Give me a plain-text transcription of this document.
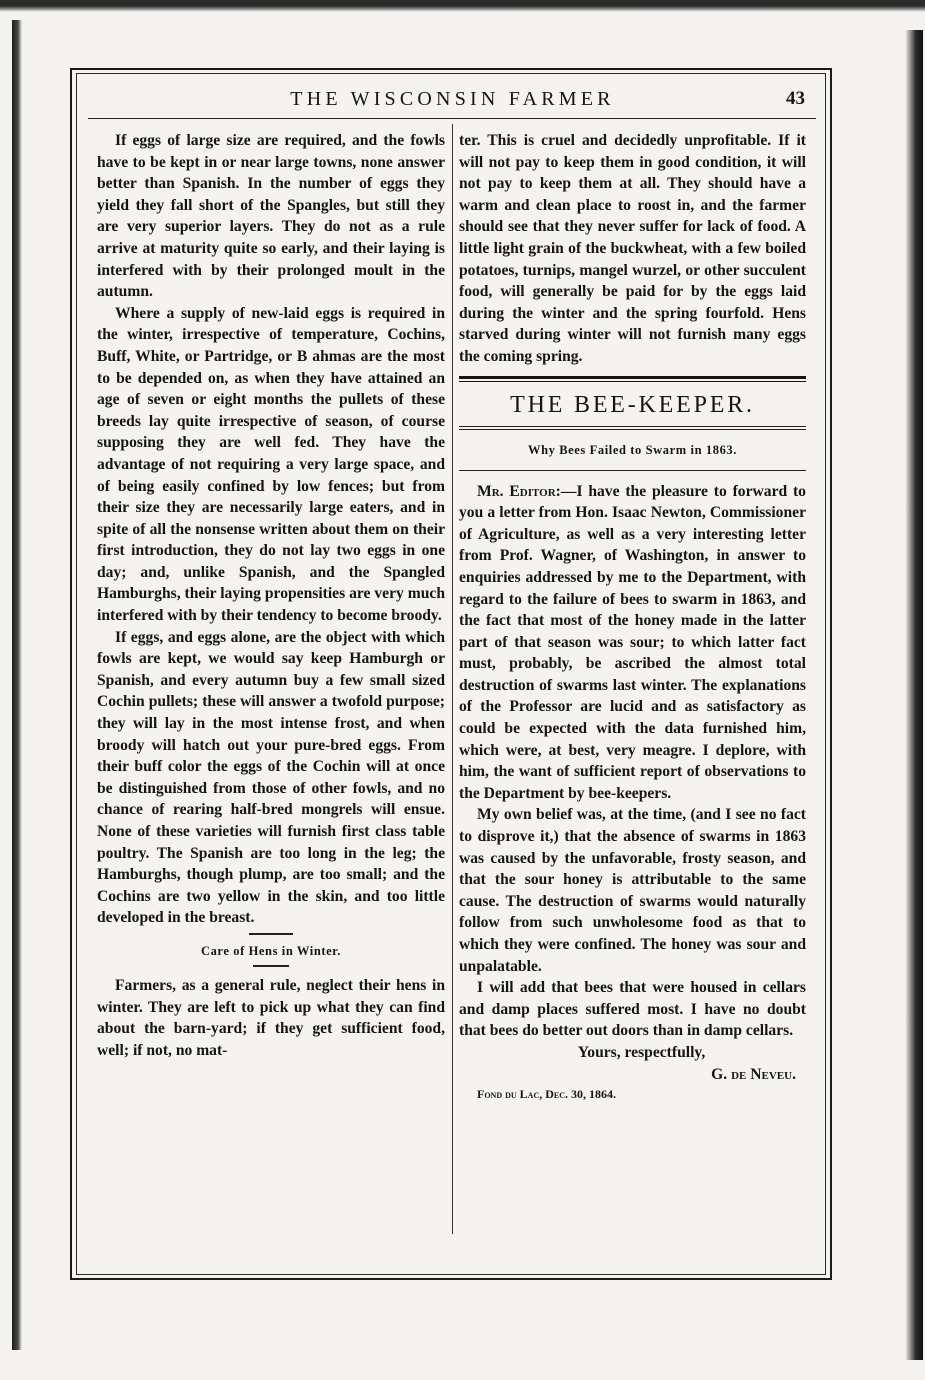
THE WISCONSIN FARMER	43

If eggs of large size are required, and the fowls have to be kept in or near large towns, none answer better than Spanish. In the number of eggs they yield they fall short of the Spangles, but still they are very superior layers. They do not as a rule arrive at maturity quite so early, and their laying is interfered with by their prolonged moult in the autumn.

Where a supply of new-laid eggs is required in the winter, irrespective of temperature, Cochins, Buff, White, or Partridge, or B ahmas are the most to be depended on, as when they have attained an age of seven or eight months the pullets of these breeds lay quite irrespective of season, of course supposing they are well fed. They have the advantage of not requiring a very large space, and of being easily confined by low fences; but from their size they are necessarily large eaters, and in spite of all the nonsense written about them on their first introduction, they do not lay two eggs in one day; and, unlike Spanish, and the Spangled Hamburghs, their laying propensities are very much interfered with by their tendency to become broody.

If eggs, and eggs alone, are the object with which fowls are kept, we would say keep Hamburgh or Spanish, and every autumn buy a few small sized Cochin pullets; these will answer a twofold purpose; they will lay in the most intense frost, and when broody will hatch out your pure-bred eggs. From their buff color the eggs of the Cochin will at once be distinguished from those of other fowls, and no chance of rearing half-bred mongrels will ensue. None of these varieties will furnish first class table poultry. The Spanish are too long in the leg; the Hamburghs, though plump, are too small; and the Cochins are two yellow in the skin, and too little developed in the breast.

Care of Hens in Winter.

Farmers, as a general rule, neglect their hens in winter. They are left to pick up what they can find about the barn-yard; if they get sufficient food, well; if not, no mat-

ter. This is cruel and decidedly unprofitable. If it will not pay to keep them in good condition, it will not pay to keep them at all. They should have a warm and clean place to roost in, and the farmer should see that they never suffer for lack of food. A little light grain of the buckwheat, with a few boiled potatoes, turnips, mangel wurzel, or other succulent food, will generally be paid for by the eggs laid during the winter and the spring fourfold. Hens starved during winter will not furnish many eggs the coming spring.

THE BEE-KEEPER.
Why Bees Failed to Swarm in 1863.

Mr. Editor:—I have the pleasure to forward to you a letter from Hon. Isaac Newton, Commissioner of Agriculture, as well as a very interesting letter from Prof. Wagner, of Washington, in answer to enquiries addressed by me to the Department, with regard to the failure of bees to swarm in 1863, and the fact that most of the honey made in the latter part of that season was sour; to which latter fact must, probably, be ascribed the almost total destruction of swarms last winter. The explanations of the Professor are lucid and as satisfactory as could be expected with the data furnished him, which were, at best, very meagre. I deplore, with him, the want of sufficient report of observations to the Department by bee-keepers.

My own belief was, at the time, (and I see no fact to disprove it,) that the absence of swarms in 1863 was caused by the unfavorable, frosty season, and that the sour honey is attributable to the same cause. The destruction of swarms would naturally follow from such unwholesome food as that to which they were confined. The honey was sour and unpalatable.

I will add that bees that were housed in cellars and damp places suffered most. I have no doubt that bees do better out doors than in damp cellars.

Yours, respectfully,

G. de Neveu.

Fond du Lac, Dec. 30, 1864.
